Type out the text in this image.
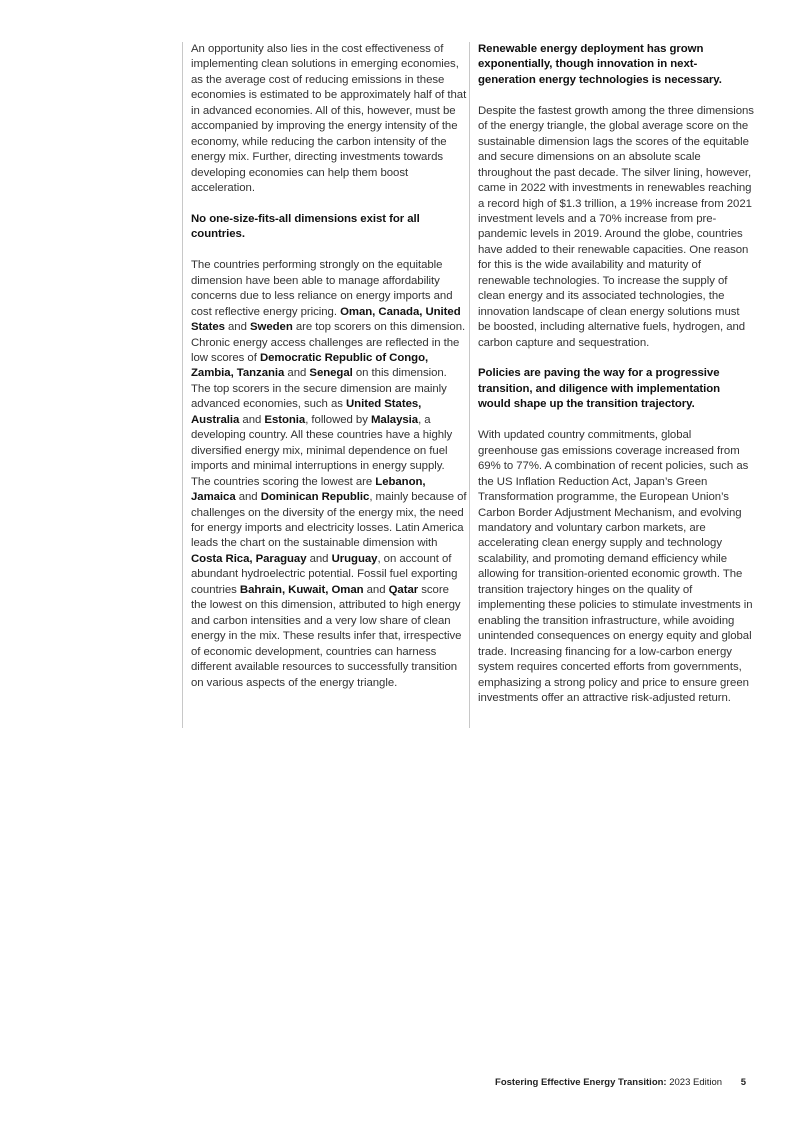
An opportunity also lies in the cost effectiveness of implementing clean solutions in emerging economies, as the average cost of reducing emissions in these economies is estimated to be approximately half of that in advanced economies. All of this, however, must be accompanied by improving the energy intensity of the economy, while reducing the carbon intensity of the energy mix. Further, directing investments towards developing economies can help them boost acceleration.

No one-size-fits-all dimensions exist for all countries.

The countries performing strongly on the equitable dimension have been able to manage affordability concerns due to less reliance on energy imports and cost reflective energy pricing. Oman, Canada, United States and Sweden are top scorers on this dimension. Chronic energy access challenges are reflected in the low scores of Democratic Republic of Congo, Zambia, Tanzania and Senegal on this dimension. The top scorers in the secure dimension are mainly advanced economies, such as United States, Australia and Estonia, followed by Malaysia, a developing country. All these countries have a highly diversified energy mix, minimal dependence on fuel imports and minimal interruptions in energy supply. The countries scoring the lowest are Lebanon, Jamaica and Dominican Republic, mainly because of challenges on the diversity of the energy mix, the need for energy imports and electricity losses. Latin America leads the chart on the sustainable dimension with Costa Rica, Paraguay and Uruguay, on account of abundant hydroelectric potential. Fossil fuel exporting countries Bahrain, Kuwait, Oman and Qatar score the lowest on this dimension, attributed to high energy and carbon intensities and a very low share of clean energy in the mix. These results infer that, irrespective of economic development, countries can harness different available resources to successfully transition on various aspects of the energy triangle.

Renewable energy deployment has grown exponentially, though innovation in next-generation energy technologies is necessary.

Despite the fastest growth among the three dimensions of the energy triangle, the global average score on the sustainable dimension lags the scores of the equitable and secure dimensions on an absolute scale throughout the past decade. The silver lining, however, came in 2022 with investments in renewables reaching a record high of $1.3 trillion, a 19% increase from 2021 investment levels and a 70% increase from pre-pandemic levels in 2019. Around the globe, countries have added to their renewable capacities. One reason for this is the wide availability and maturity of renewable technologies. To increase the supply of clean energy and its associated technologies, the innovation landscape of clean energy solutions must be boosted, including alternative fuels, hydrogen, and carbon capture and sequestration.

Policies are paving the way for a progressive transition, and diligence with implementation would shape up the transition trajectory.

With updated country commitments, global greenhouse gas emissions coverage increased from 69% to 77%. A combination of recent policies, such as the US Inflation Reduction Act, Japan’s Green Transformation programme, the European Union’s Carbon Border Adjustment Mechanism, and evolving mandatory and voluntary carbon markets, are accelerating clean energy supply and technology scalability, and promoting demand efficiency while allowing for transition-oriented economic growth. The transition trajectory hinges on the quality of implementing these policies to stimulate investments in enabling the transition infrastructure, while avoiding unintended consequences on energy equity and global trade. Increasing financing for a low-carbon energy system requires concerted efforts from governments, emphasizing a strong policy and price to ensure green investments offer an attractive risk-adjusted return.

Fostering Effective Energy Transition: 2023 Edition 5
